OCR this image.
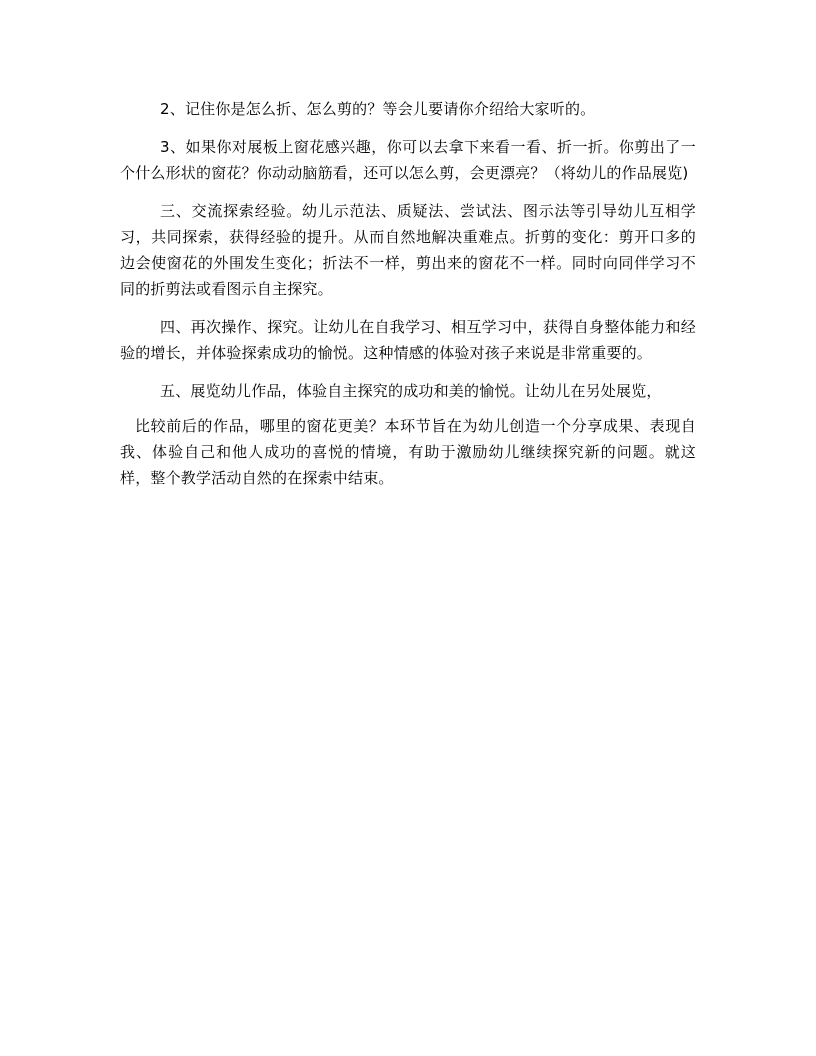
2、记住你是怎么折、怎么剪的？等会儿要请你介绍给大家听的。

3、如果你对展板上窗花感兴趣，你可以去拿下来看一看、折一折。你剪出了一个什么形状的窗花？你动动脑筋看，还可以怎么剪，会更漂亮？（将幼儿的作品展览)

三、交流探索经验。幼儿示范法、质疑法、尝试法、图示法等引导幼儿互相学习，共同探索，获得经验的提升。从而自然地解决重难点。折剪的变化：剪开口多的边会使窗花的外围发生变化；折法不一样，剪出来的窗花不一样。同时向同伴学习不同的折剪法或看图示自主探究。

四、再次操作、探究。让幼儿在自我学习、相互学习中，获得自身整体能力和经验的增长，并体验探索成功的愉悦。这种情感的体验对孩子来说是非常重要的。

五、展览幼儿作品，体验自主探究的成功和美的愉悦。让幼儿在另处展览，

比较前后的作品，哪里的窗花更美？本环节旨在为幼儿创造一个分享成果、表现自我、体验自己和他人成功的喜悦的情境，有助于激励幼儿继续探究新的问题。就这样，整个教学活动自然的在探索中结束。
